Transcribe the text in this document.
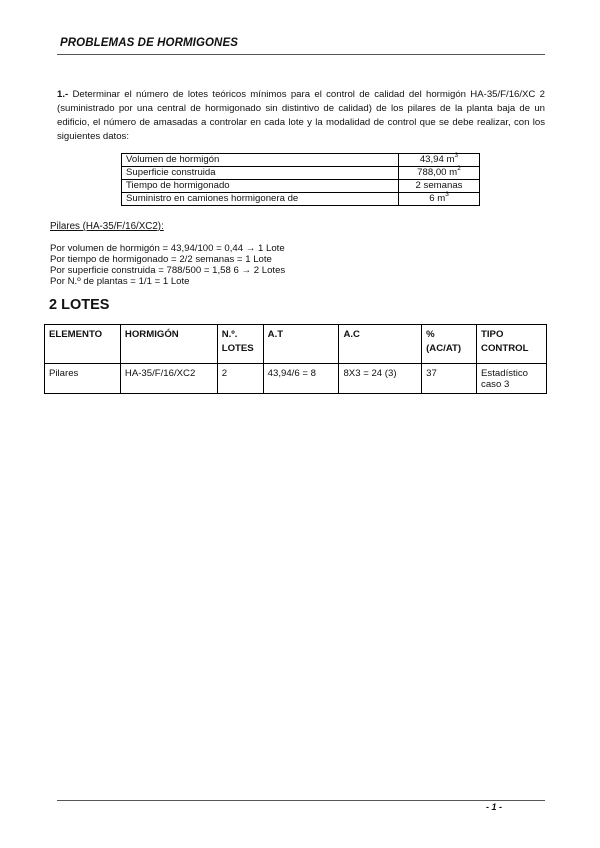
PROBLEMAS DE HORMIGONES
1.- Determinar el número de lotes teóricos mínimos para el control de calidad del hormigón HA-35/F/16/XC 2 (suministrado por una central de hormigonado sin distintivo de calidad) de los pilares de la planta baja de un edificio, el número de amasadas a controlar en cada lote y la modalidad de control que se debe realizar, con los siguientes datos:
Volumen de hormigón	43,94 $m^3$
Superficie construida	788,00 $m^2$
Tiempo de hormigonado	2 semanas
Suministro en camiones hormigonera de	6 $m^3$
Pilares (HA-35/F/16/XC2):
Por volumen de hormigón = 43,94/100 = 0,44 → 1 Lote
Por tiempo de hormigonado = 2/2 semanas = 1 Lote
Por superficie construida = 788/500 = 1,58 6 → 2 Lotes
Por N.º de plantas = 1/1 = 1 Lote
2 LOTES
ELEMENTO	HORMIGÓN	N.º. LOTES	A.T	A.C	% (AC/AT)	TIPO CONTROL
Pilares	HA-35/F/16/XC2	2	43,94/6 = 8	8X3 = 24 (3)	37	Estadístico caso 3
- 1 -
